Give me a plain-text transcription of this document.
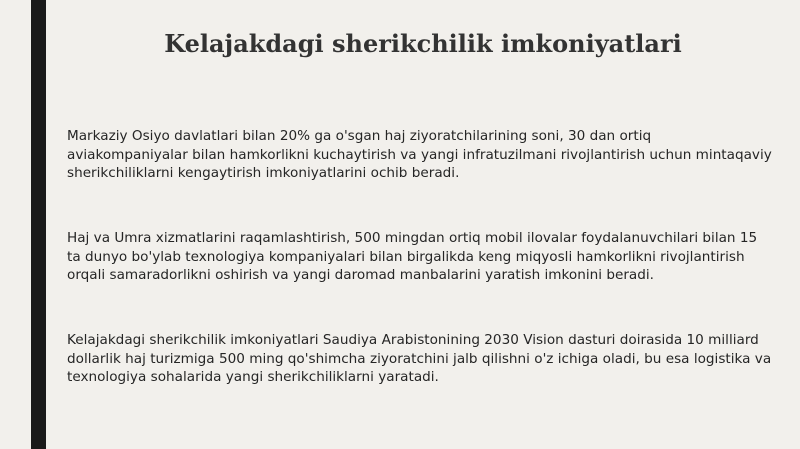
Kelajakdagi sherikchilik imkoniyatlari

Markaziy Osiyo davlatlari bilan 20% ga o'sgan haj ziyoratchilarining soni, 30 dan ortiq aviakompaniyalar bilan hamkorlikni kuchaytirish va yangi infratuzilmani rivojlantirish uchun mintaqaviy sherikchiliklarni kengaytirish imkoniyatlarini ochib beradi.

Haj va Umra xizmatlarini raqamlashtirish, 500 mingdan ortiq mobil ilovalar foydalanuvchilari bilan 15 ta dunyo bo'ylab texnologiya kompaniyalari bilan birgalikda keng miqyosli hamkorlikni rivojlantirish orqali samaradorlikni oshirish va yangi daromad manbalarini yaratish imkonini beradi.

Kelajakdagi sherikchilik imkoniyatlari Saudiya Arabistonining 2030 Vision dasturi doirasida 10 milliard dollarlik haj turizmiga 500 ming qo'shimcha ziyoratchini jalb qilishni o'z ichiga oladi, bu esa logistika va texnologiya sohalarida yangi sherikchiliklarni yaratadi.
